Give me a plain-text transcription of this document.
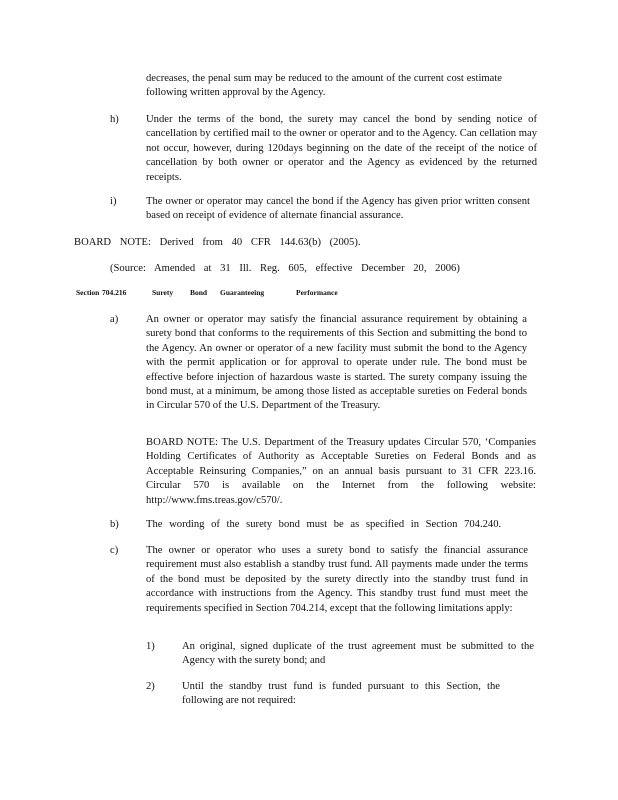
decreases, the penal sum may be reduced to the amount of the current cost estimate following written approval by the Agency.

h)	Under the terms of the bond, the surety may cancel the bond by sending notice of cancellation by certified mail to the owner or operator and to the Agency. Can cellation may not occur, however, during 120days beginning on the date of the receipt of the notice of cancellation by both owner or operator and the Agency as evidenced by the returned receipts.

i)	The owner or operator may cancel the bond if the Agency has given prior written consent based on receipt of evidence of alternate financial assurance.

BOARD NOTE: Derived from 40 CFR 144.63(b) (2005).
(Source: Amended at 31 Ill. Reg. 605, effective December 20, 2006)
Section 704.216	Surety Bond Guaranteeing	Performance
a)	An owner or operator may satisfy the financial assurance requirement by obtaining a surety bond that conforms to the requirements of this Section and submitting the bond to the Agency. An owner or operator of a new facility must submit the bond to the Agency with the permit application or for approval to operate under rule. The bond must be effective before injection of hazardous waste is started. The surety company issuing the bond must, at a minimum, be among those listed as acceptable sureties on Federal bonds in Circular 570 of the U.S. Department of the Treasury.

BOARD NOTE: The U.S. Department of the Treasury updates Circular 570, ‘Companies Holding Certificates of Authority as Acceptable Sureties on Federal Bonds and as Acceptable Reinsuring Companies,” on an annual basis pursuant to 31 CFR 223.16. Circular 570 is available on the Internet from the following website: http://www.fms.treas.gov/c570/.

b)	The wording of the surety bond must be as specified in Section 704.240.

c)	The owner or operator who uses a surety bond to satisfy the financial assurance requirement must also establish a standby trust fund. All payments made under the terms of the bond must be deposited by the surety directly into the standby trust fund in accordance with instructions from the Agency. This standby trust fund must meet the requirements specified in Section 704.214, except that the following limitations apply:

1)	An original, signed duplicate of the trust agreement must be submitted to the Agency with the surety bond; and

2)	Until the standby trust fund is funded pursuant to this Section, the following are not required:
